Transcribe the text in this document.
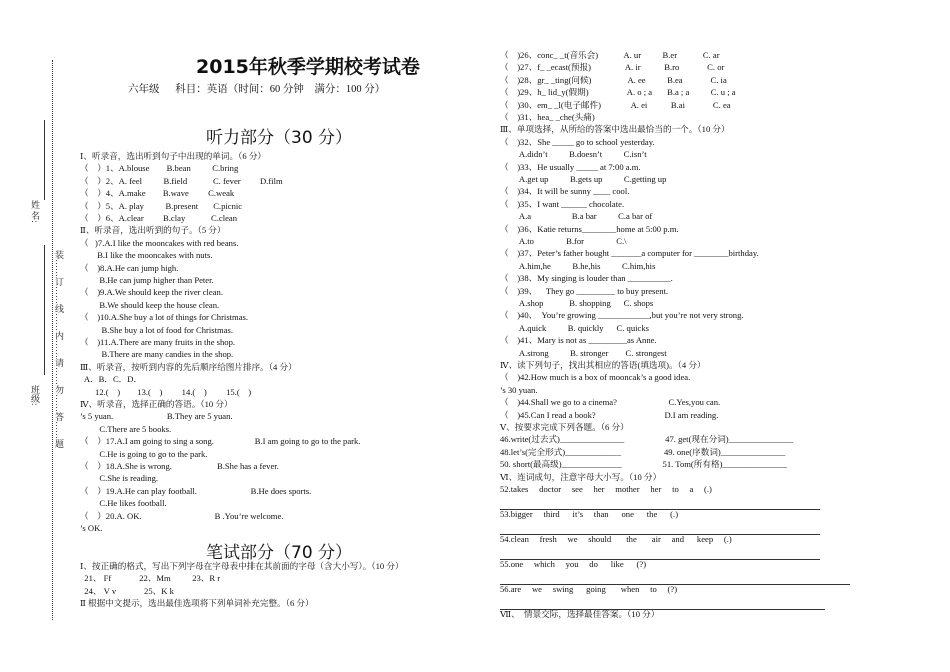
姓 名:
装……订……线……内……请……勿……答……题
班级:
2015年秋季学期校考试卷
六年级      科目：英语（时间：60 分钟    满分：100 分）
听力部分（30 分）
Ⅰ、听录音，选出听到句子中出现的单词。（6 分）
（    ）1、A.blouse        B.bean          C.bring
（    ）2、A. feel          B.field            C. fever         D.film
（    ）4、A.make        B.wave         C.weak
（    ）5、A. play          B.present       C.picnic
（    ）6、A.clear         B.clay            C.clean
Ⅱ、听录音，选出听到的句子。（5 分）
（   )7.A.I like the mooncakes with red beans.
B.I like the mooncakes with nuts.
（    )8.A.He can jump high.
B.He can jump higher than Peter.
（    )9.A.We should keep the river clean.
B.We should keep the house clean.
（    )10.A.She buy a lot of things for Christmas.
B.She buy a lot of food for Christmas.
（    )11.A.There are many fruits in the shop.
B.There are many candies in the shop.
Ⅲ、听录音，按听到内容的先后顺序给图片排序。（4 分）
A．B．C．D．
12.(    )        13.(    )         14.(    )         15.(    )
Ⅳ、听录音，选择正确的答语。（10 分）
’s 5 yuan.                         B.They are 5 yuan.
C.There are 5 books.
（    ）17.A.I am going to sing a song.                   B.I am going to go to the park.
C.He is going to go to the park.
（    ）18.A.She is wrong.                     B.She has a fever.
C.She is reading.
（    ）19.A.He can play football.                         B.He does sports.
C.He likes football.
（    ）20.A. OK.                                  B .You’re welcome.
’s OK.
笔试部分（70 分）
Ⅰ、按正确的格式，写出下列字母在字母表中排在其前面的字母（含大小写）。（10 分）
21、 Ff             22、Mm          23、R r
24、 V v             25、K k
Ⅱ 根据中文提示，选出最佳选项将下列单词补充完整。（6 分）
（    )26、conc_ _t(音乐会)            A. ur          B.er            C. ar
（    )27、f_ _ecast(预报)                A. ir           B.ro             C. or
（    )28、gr_ _ting(问候)                 A. ee          B.ea             C. ia
（    )29、h_ lid_y(假期)                  A. o ; a       B.a ; a          C. u ; a
（    )30、em_ _l(电子邮件)              A. ei           B.ai             C. ea
（    )31、hea_ _che(头痛)
Ⅲ、单项选择，从所给的答案中选出最恰当的一个。（10 分）
（    )32、She _____ go to school yesterday.
A.didn’t          B.doesn’t          C.isn’t
（    )33、He usually _____ at 7:00 a.m.
A.get up          B.gets up          C.getting up
（    )34、It will be sunny ____ cool.
（    )35、I want ______ chocolate.
A.a                   B.a bar          C.a bar of
（    )36、Katie returns________home at 5:00 p.m.
A.to               B.for               C.\
（    )37、Peter’s father bought _______a computer for ________birthday.
A.him,he          B.he,his          C.him,his
（    )38、My singing is louder than __________.
（    )39、    They go _________ to buy present.
A.shop            B. shopping      C. shops
（    )40、  You’re growing ____________,but you’re not very strong.
A.quick          B. quickly      C. quicks
（    )41、Mary is not as _________as Anne.
A.strong          B. stronger        C. strongest
Ⅳ、读下列句子，找出其相应的答语(填选项)。（4 分）
（    )42.How much is a box of mooncak’s a good idea.
’s 30 yuan.
（    )44.Shall we go to a cinema?                        C.Yes,you can.
（    )45.Can I read a book?                                D.I am reading.
Ⅴ、按要求完成下列各题。（6 分）
46.write(过去式)_______________                   47. get(现在分词)_______________
48.let’s(完全形式)_____________                    49. one(序数词)_______________
50. short(最高级)______________                   51. Tom(所有格)_______________
Ⅵ、连词成句，注意字母大小写。（10 分）
52.takes     doctor     see     her     mother     her     to     a     (.)
53.bigger     third      it’s     than      one      the      (.)
54.clean     fresh     we     should       the       air     and      keep     (.)
55.one     which     you     do      like      (?)
56.are     we     swing      going       when     to     (?)
Ⅶ、  情景交际，选择最佳答案。（10 分）
